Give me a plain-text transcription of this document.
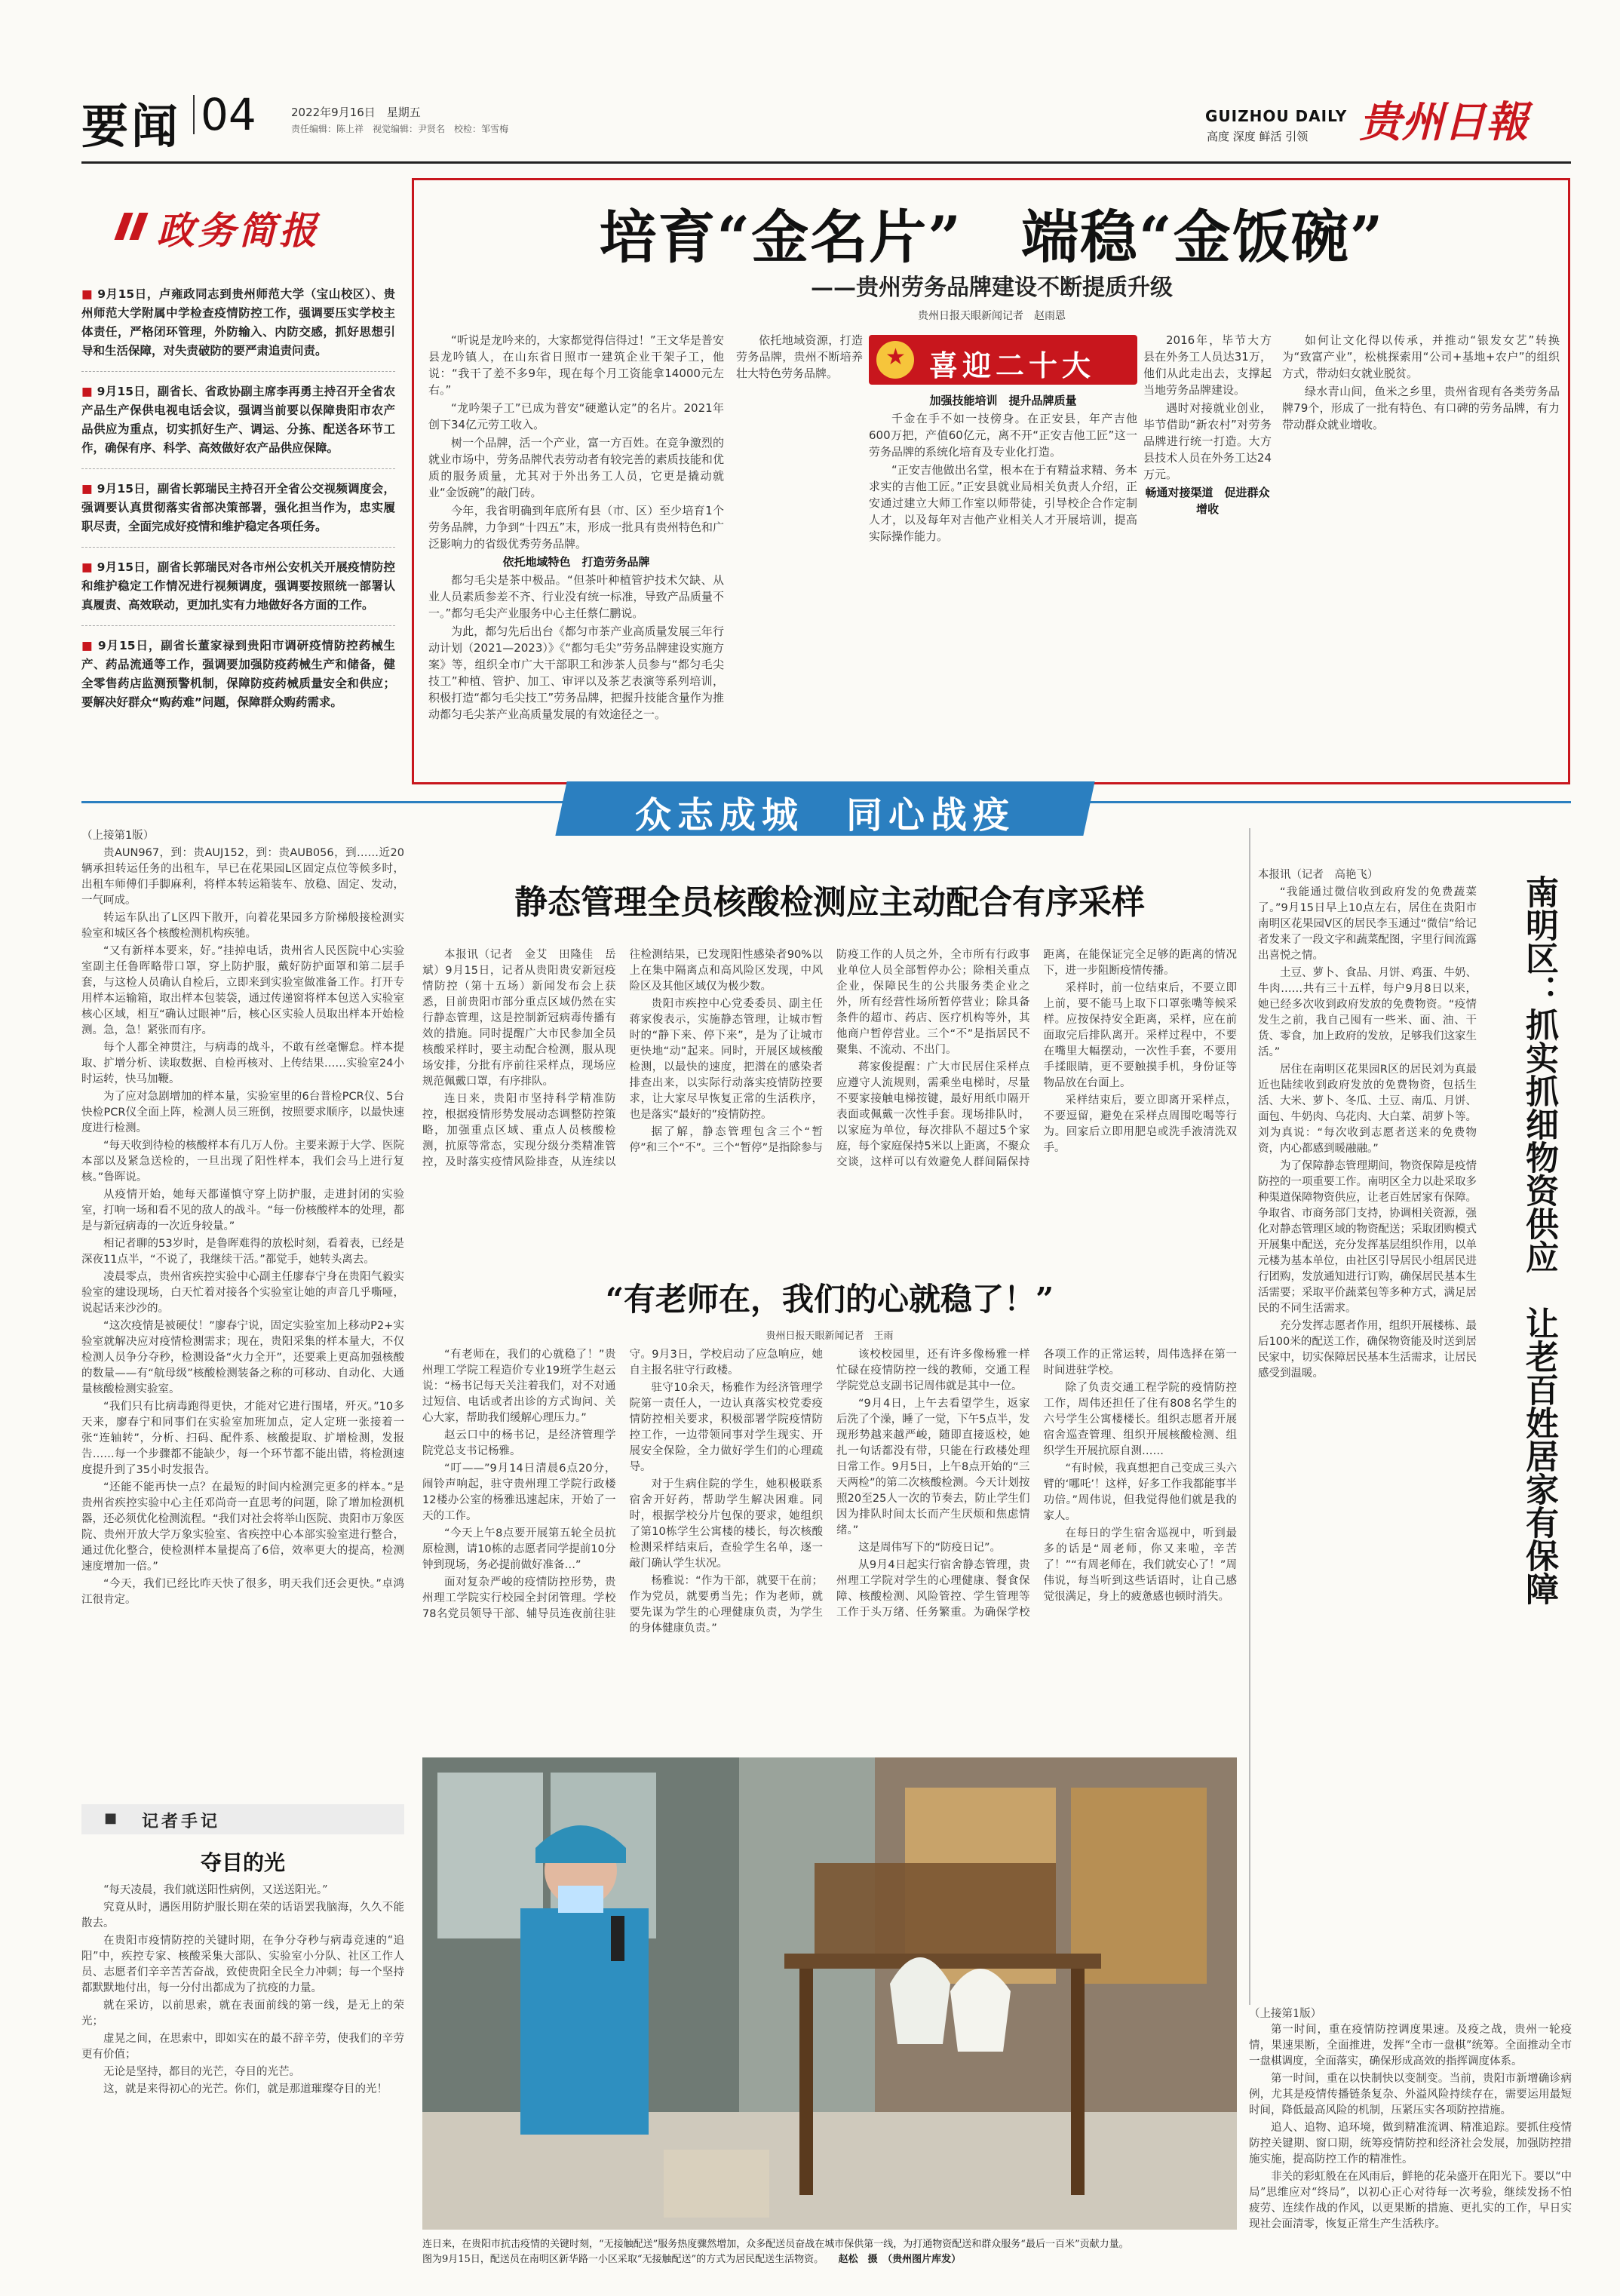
要闻 04	2022年9月16日　星期五
责任编辑：陈上祥　视觉编辑：尹贤名　校检：邹雪梅
GUIZHOU DAILY
高度 深度 鲜活 引领 贵州日報
政务简报
■ 9月15日，卢雍政同志到贵州师范大学（宝山校区）、贵州师范大学附属中学检查疫情防控工作，强调要压实学校主体责任，严格闭环管理，外防输入、内防交感，抓好思想引导和生活保障，对失责破防的要严肃追责问责。
■ 9月15日，副省长、省政协副主席李再勇主持召开全省农产品生产保供电视电话会议，强调当前要以保障贵阳市农产品供应为重点，切实抓好生产、调运、分拣、配送各环节工作，确保有序、科学、高效做好农产品供应保障。
■ 9月15日，副省长郭瑞民主持召开全省公交视频调度会，强调要认真贯彻落实省部决策部署，强化担当作为，忠实履职尽责，全面完成好疫情和维护稳定各项任务。
■ 9月15日，副省长郭瑞民对各市州公安机关开展疫情防控和维护稳定工作情况进行视频调度，强调要按照统一部署认真履责、高效联动，更加扎实有力地做好各方面的工作。
■ 9月15日，副省长董家禄到贵阳市调研疫情防控药械生产、药品流通等工作，强调要加强防疫药械生产和储备，健全零售药店监测预警机制，保障防疫药械质量安全和供应；要解决好群众“购药难”问题，保障群众购药需求。
培育“金名片”　端稳“金饭碗”
——贵州劳务品牌建设不断提质升级
贵州日报天眼新闻记者　赵雨恩

“听说是龙吟来的，大家都觉得信得过！”王文华是普安县龙吟镇人，在山东省日照市一建筑企业干架子工，他说：“我干了差不多9年，现在每个月工资能拿14000元左右。”

“龙吟架子工”已成为普安“硬邀认定”的名片。2021年创下34亿元劳工收入。

树一个品牌，活一个产业，富一方百姓。在竞争激烈的就业市场中，劳务品牌代表劳动者有较完善的素质技能和优质的服务质量，尤其对于外出务工人员，它更是撬动就业“金饭碗”的敲门砖。

今年，我省明确到年底所有县（市、区）至少培育1个劳务品牌，力争到“十四五”末，形成一批具有贵州特色和广泛影响力的省级优秀劳务品牌。

依托地域特色　打造劳务品牌

都匀毛尖是茶中极品。“但茶叶种植管护技术欠缺、从业人员素质参差不齐、行业没有统一标准，导致产品质量不一。”都匀毛尖产业服务中心主任蔡仁鹏说。

为此，都匀先后出台《都匀市茶产业高质量发展三年行动计划（2021—2023）》《“都匀毛尖”劳务品牌建设实施方案》等，组织全市广大干部职工和涉茶人员参与“都匀毛尖技工”种植、管护、加工、审评以及茶艺表演等系列培训，积极打造“都匀毛尖技工”劳务品牌，把握升技能含量作为推动都匀毛尖茶产业高质量发展的有效途径之一。

★ 喜迎二十大

依托地域资源，打造劳务品牌，贵州不断培养壮大特色劳务品牌。

加强技能培训　提升品牌质量

千金在手不如一技傍身。在正安县，年产吉他600万把，产值60亿元，离不开“正安吉他工匠”这一劳务品牌的系统化培育及专业化打造。

“正安吉他做出名堂，根本在于有精益求精、务本求实的吉他工匠。”正安县就业局相关负责人介绍，正安通过建立大师工作室以师带徒，引导校企合作定制人才，以及每年对吉他产业相关人才开展培训，提高实际操作能力。

2016年，毕节大方县在外务工人员达31万，他们从此走出去，支撑起当地劳务品牌建设。

遇时对接就业创业，毕节借助“新农村”对劳务品牌进行统一打造。大方县技术人员在外务工达24万元。

畅通对接渠道　促进群众增收

如何让文化得以传承，并推动“银发女艺”转换为“致富产业”，松桃探索用“公司+基地+农户”的组织方式，带动妇女就业脱贫。

绿水青山间，鱼米之乡里，贵州省现有各类劳务品牌79个，形成了一批有特色、有口碑的劳务品牌，有力带动群众就业增收。

众志成城　同心战疫
（上接第1版）

贵AUN967，到：贵AUJ152，到：贵AUB056，到……近20辆承担转运任务的出租车，早已在花果园L区固定点位等候多时，出租车师傅们手脚麻利，将样本转运箱装车、放稳、固定、发动，一气呵成。

转运车队出了L区四下散开，向着花果园多方阶梯般接检测实验室和城区各个核酸检测机构疾驰。

“又有新样本要来，好。”挂掉电话，贵州省人民医院中心实验室副主任鲁晖略带口罩，穿上防护服，戴好防护面罩和第二层手套，与这检人员确认自检后，立即来到实验室做准备工作。打开专用样本运输箱，取出样本包装袋，通过传递窗将样本包送入实验室核心区域，相互“确认过眼神”后，核心区实验人员取出样本开始检测。急，急！紧张而有序。

每个人都全神贯注，与病毒的战斗，不敢有丝毫懈怠。样本提取、扩增分析、读取数据、自检再核对、上传结果……实验室24小时运转，快马加鞭。

为了应对急剧增加的样本量，实验室里的6台普检PCR仪、5台快检PCR仪全面上阵，检测人员三班倒，按照要求顺序，以最快速度进行检测。

“每天收到待检的核酸样本有几万人份。主要来源于大学、医院本部以及紧急送检的，一旦出现了阳性样本，我们会马上进行复核。”鲁晖说。

从疫情开始，她每天都谨慎守穿上防护服，走进封闭的实验室，打响一场和看不见的敌人的战斗。“每一份核酸样本的处理，都是与新冠病毒的一次近身较量。”

相记者聊的53岁时，是鲁晖难得的放松时刻，看着表，已经是深夜11点半，“不说了，我继续干活。”都觉手，她转头离去。

凌晨零点，贵州省疾控实验中心副主任廖春宁身在贵阳气毅实验室的建设现场，白天忙着对接各个实验室让她的声音几乎嘶哑，说起话来沙沙的。

“这次疫情是被硬仗！”廖春宁说，固定实验室加上移动P2+实验室就解决应对疫情检测需求；现在，贵阳采集的样本量大，不仅检测人员争分夺秒，检测设备“火力全开”，还要乘上更高加强核酸的数量——有“航母级”核酸检测装备之称的可移动、自动化、大通量核酸检测实验室。

“我们只有比病毒跑得更快，才能对它进行围堵，歼灭。”10多天来，廖春宁和同事们在实验室加班加点，定人定班一张接着一张“连轴转”，分析、扫码、配件系、核酸提取、扩增检测，发报告……每一个步骤都不能缺少，每一个环节都不能出错，将检测速度提升到了35小时发报告。

“还能不能再快一点？在最短的时间内检测完更多的样本。”是贵州省疾控实验中心主任邓尚奇一直思考的问题，除了增加检测机器，还必须优化检测流程。“我们对社会将举山医院、贵阳市万象医院、贵州开放大学万象实验室、省疾控中心本部实验室进行整合，通过优化整合，使检测样本量提高了6倍，效率更大的提高，检测速度增加一倍。”

“今天，我们已经比昨天快了很多，明天我们还会更快。”卓鸿江很肯定。

■ 记者手记
夺目的光

“每天凌晨，我们就送阳性病例，又送送阳光。”

究竟从时，遇医用防护服长期在荣的话语罢我脑海，久久不能散去。

在贵阳市疫情防控的关键时期，在争分夺秒与病毒竞速的“追阳”中，疾控专家、核酸采集大部队、实验室小分队、社区工作人员、志愿者们辛辛苦苦奋战，致使贵阳全民全力冲刺；每一个坚持都默默地付出，每一分付出都成为了抗疫的力量。

就在采访，以前思索，就在表面前线的第一线，是无上的荣光；

虚晃之间，在思索中，即如实在的最不辞辛劳，使我们的辛劳更有价值；

无论是坚持，都目的光芒，夺目的光芒。

这，就是来得初心的光芒。你们，就是那道璀璨夺目的光！

静态管理全员核酸检测应主动配合有序采样

本报讯（记者　金艾　田隆佳　岳斌）9月15日，记者从贵阳贵安新冠疫情防控（第十五场）新闻发布会上获悉，目前贵阳市部分重点区域仍然在实行静态管理，这是控制新冠病毒传播有效的措施。同时提醒广大市民参加全员核酸采样时，要主动配合检测，服从现场安排，分批有序前往采样点，现场应规范佩戴口罩，有序排队。

连日来，贵阳市坚持科学精准防控，根据疫情形势发展动态调整防控策略，加强重点区域、重点人员核酸检测，抗原等常态，实现分级分类精准管控，及时落实疫情风险排查，从连续以往检测结果，已发现阳性感染者90%以上在集中隔离点和高风险区发现，中风险区及其他区域仅为极少数。

贵阳市疾控中心党委委员、副主任蒋家俊表示，实施静态管理，让城市暂时的“静下来、停下来”，是为了让城市更快地“动”起来。同时，开展区域核酸检测，以最快的速度，把潜在的感染者排查出来，以实际行动落实疫情防控要求，让大家尽早恢复正常的生活秩序，也是落实“最好的”疫情防控。

据了解，静态管理包含三个“暂停”和三个“不”。三个“暂停”是指除参与防疫工作的人员之外，全市所有行政事业单位人员全部暂停办公；除相关重点企业，保障民生的公共服务类企业之外，所有经营性场所暂停营业；除具备条件的超市、药店、医疗机构等外，其他商户暂停营业。三个“不”是指居民不聚集、不流动、不出门。

蒋家俊提醒：广大市民居住采样点应遵守人流规则，需乘坐电梯时，尽量不要家接触电梯按键，最好用纸巾隔开表面或佩戴一次性手套。现场排队时，以家庭为单位，每次排队不超过5个家庭，每个家庭保持5米以上距离，不聚众交谈，这样可以有效避免人群间隔保持距离，在能保证完全足够的距离的情况下，进一步阻断疫情传播。

采样时，前一位结束后，不要立即上前，要不能马上取下口罩张嘴等候采样。应按保持安全距离，采样，应在前面取完后排队离开。采样过程中，不要在嘴里大幅摆动，一次性手套，不要用手揉眼睛，更不要触摸手机，身份证等物品放在台面上。

采样结束后，要立即离开采样点，不要逗留，避免在采样点周围吃喝等行为。回家后立即用肥皂或洗手液清洗双手。

“有老师在，我们的心就稳了！”
贵州日报天眼新闻记者　王雨

“有老师在，我们的心就稳了！”贵州理工学院工程造价专业19班学生赵云说：“杨书记每天关注着我们，对不对通过短信、电话或者出诊的方式询问、关心大家，帮助我们缓解心理压力。”

赵云口中的杨书记，是经济管理学院党总支书记杨雅。

“叮——”9月14日清晨6点20分，闹铃声响起，驻守贵州理工学院行政楼12楼办公室的杨雅迅速起床，开始了一天的工作。

“今天上午8点要开展第五轮全员抗原检测，请10栋的志愿者同学提前10分钟到现场，务必提前做好准备…”

面对复杂严峻的疫情防控形势，贵州理工学院实行校园全封闭管理。学校78名党员领导干部、辅导员连夜前往驻守。9月3日，学校启动了应急响应，她自主报名驻守行政楼。

驻守10余天，杨雅作为经济管理学院第一责任人，一边认真落实校党委疫情防控相关要求，积极部署学院疫情防控工作，一边带领同事对学生现实、开展安全保险，全力做好学生们的心理疏导。

对于生病住院的学生，她积极联系宿舍开好药，帮助学生解决困难。同时，根据学校分片包保的要求，她组织了第10栋学生公寓楼的楼长，每次核酸检测采样结束后，查验学生名单，逐一敲门确认学生状况。

杨雅说：“作为干部，就要干在前；作为党员，就要勇当先；作为老师，就要先谋为学生的心理健康负责，为学生的身体健康负责。”

该校校园里，还有许多像杨雅一样忙碌在疫情防控一线的教师，交通工程学院党总支副书记周伟就是其中一位。

“9月4日，上午去看望学生，返家后洗了个澡，睡了一觉，下午5点半，发现形势越来越严峻，随即直接返校，她扎一句话都没有带，只能在行政楼处理日常工作。9月5日，上午8点开始的“三天两检”的第二次核酸检测。今天计划按照20至25人一次的节奏去，防止学生们因为排队时间太长而产生厌烦和焦虑情绪。”

这是周伟写下的“防疫日记”。

从9月4日起实行宿舍静态管理，贵州理工学院对学生的心理健康、餐食保障、核酸检测、风险管控、学生管理等工作于头万绪、任务繁重。为确保学校各项工作的正常运转，周伟选择在第一时间进驻学校。

除了负责交通工程学院的疫情防控工作，周伟还担任了住有808名学生的六号学生公寓楼楼长。组织志愿者开展宿舍巡查管理、组织开展核酸检测、组织学生开展抗原自测……

“有时候，我真想把自己变成三头六臂的‘哪吒’！这样，好多工作我都能事半功倍。”周伟说，但我觉得他们就是我的家人。

在每日的学生宿舍巡视中，听到最多的话是“周老师，你又来啦，辛苦了！”“有周老师在，我们就安心了！”周伟说，每当听到这些话语时，让自己感觉很满足，身上的疲惫感也顿时消失。

本报讯（记者　高艳飞）

“我能通过微信收到政府发的免费蔬菜了。”9月15日早上10点左右，居住在贵阳市南明区花果园V区的居民李玉通过“微信”给记者发来了一段文字和蔬菜配图，字里行间流露出喜悦之情。

土豆、萝卜、食品、月饼、鸡蛋、牛奶、牛肉……共有三十五样，每户9月8日以来，她已经多次收到政府发放的免费物资。“疫情发生之前，我自己囤有一些米、面、油、干货、零食，加上政府的发放，足够我们这家生活。”

居住在南明区花果园R区的居民刘为真最近也陆续收到政府发放的免费物资，包括生活、大米、萝卜、冬瓜、土豆、南瓜、月饼、面包、牛奶肉、乌花肉、大白菜、胡萝卜等。刘为真说：“每次收到志愿者送来的免费物资，内心都感到暖融融。”

为了保障静态管理期间，物资保障是疫情防控的一项重要工作。南明区全力以赴采取多种渠道保障物资供应，让老百姓居家有保障。争取省、市商务部门支持，协调相关资源，强化对静态管理区域的物资配送；采取团购模式开展集中配送，充分发挥基层组织作用，以单元楼为基本单位，由社区引导居民小组居民进行团购，发放通知进行订购，确保居民基本生活需要；采取平价蔬菜包等多种方式，满足居民的不同生活需求。

充分发挥志愿者作用，组织开展楼栋、最后100米的配送工作，确保物资能及时送到居民家中，切实保障居民基本生活需求，让居民感受到温暖。	南明区：抓实抓细物资供应　让老百姓居家有保障
连日来，在贵阳市抗击疫情的关键时刻，“无接触配送”服务热度骤然增加，众多配送员奋战在城市保供第一线，为打通物资配送和群众服务“最后一百米”贡献力量。
图为9月15日，配送员在南明区新华路一小区采取“无接触配送”的方式为居民配送生活物资。　　 赵松　摄　（贵州图片库发）
（上接第1版）

第一时间，重在疫情防控调度果速。及疫之战，贵州一轮疫情，果速果断，全面推进，发挥“全市一盘棋”统筹。全面推动全市一盘棋调度，全面落实，确保形成高效的指挥调度体系。

第一时间，重在以快制快以变制变。当前，贵阳市新增确诊病例，尤其是疫情传播链条复杂、外溢风险持续存在，需要运用最短时间，降低最高风险的机制，压紧压实各项防控措施。

追人、追物、追环境，做到精准流调、精准追踪。要抓住疫情防控关键期、窗口期，统筹疫情防控和经济社会发展，加强防控措施实施，提高防控工作的精准性。

非关的彩虹般在在风雨后，鲜艳的花朵盛开在阳光下。要以“中局”思维应对“终局”，以初心正心对待每一次考验，继续发扬不怕疲劳、连续作战的作风，以更果断的措施、更扎实的工作，早日实现社会面清零，恢复正常生产生活秩序。
